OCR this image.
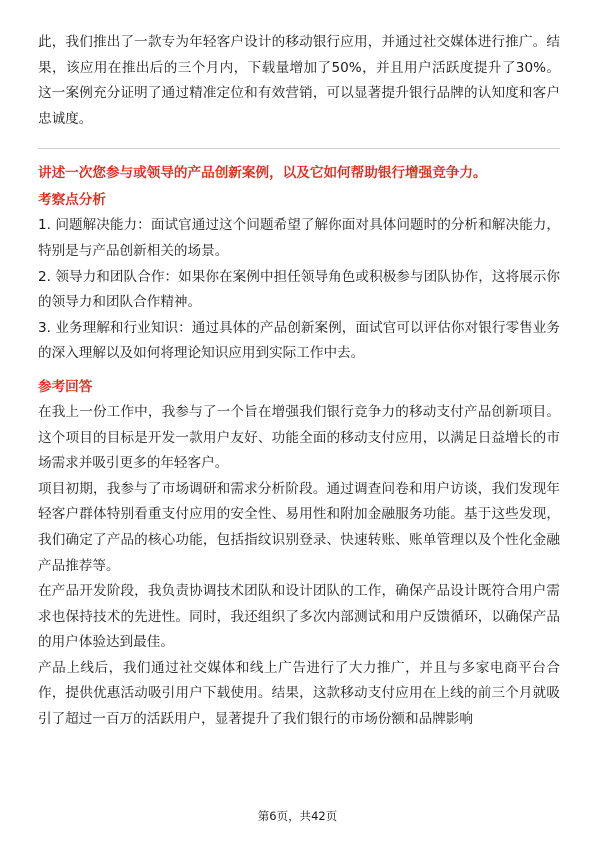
此，我们推出了一款专为年轻客户设计的移动银行应用，并通过社交媒体进行推广。结果，该应用在推出后的三个月内，下载量增加了50%，并且用户活跃度提升了30%。这一案例充分证明了通过精准定位和有效营销，可以显著提升银行品牌的认知度和客户忠诚度。

讲述一次您参与或领导的产品创新案例，以及它如何帮助银行增强竞争力。

考察点分析

1. 问题解决能力：面试官通过这个问题希望了解你面对具体问题时的分析和解决能力，特别是与产品创新相关的场景。

2. 领导力和团队合作：如果你在案例中担任领导角色或积极参与团队协作，这将展示你的领导力和团队合作精神。

3. 业务理解和行业知识：通过具体的产品创新案例，面试官可以评估你对银行零售业务的深入理解以及如何将理论知识应用到实际工作中去。

参考回答

在我上一份工作中，我参与了一个旨在增强我们银行竞争力的移动支付产品创新项目。这个项目的目标是开发一款用户友好、功能全面的移动支付应用，以满足日益增长的市场需求并吸引更多的年轻客户。

项目初期，我参与了市场调研和需求分析阶段。通过调查问卷和用户访谈，我们发现年轻客户群体特别看重支付应用的安全性、易用性和附加金融服务功能。基于这些发现，我们确定了产品的核心功能，包括指纹识别登录、快速转账、账单管理以及个性化金融产品推荐等。

在产品开发阶段，我负责协调技术团队和设计团队的工作，确保产品设计既符合用户需求也保持技术的先进性。同时，我还组织了多次内部测试和用户反馈循环，以确保产品的用户体验达到最佳。

产品上线后，我们通过社交媒体和线上广告进行了大力推广，并且与多家电商平台合作，提供优惠活动吸引用户下载使用。结果，这款移动支付应用在上线的前三个月就吸引了超过一百万的活跃用户，显著提升了我们银行的市场份额和品牌影响

第6页，共42页
